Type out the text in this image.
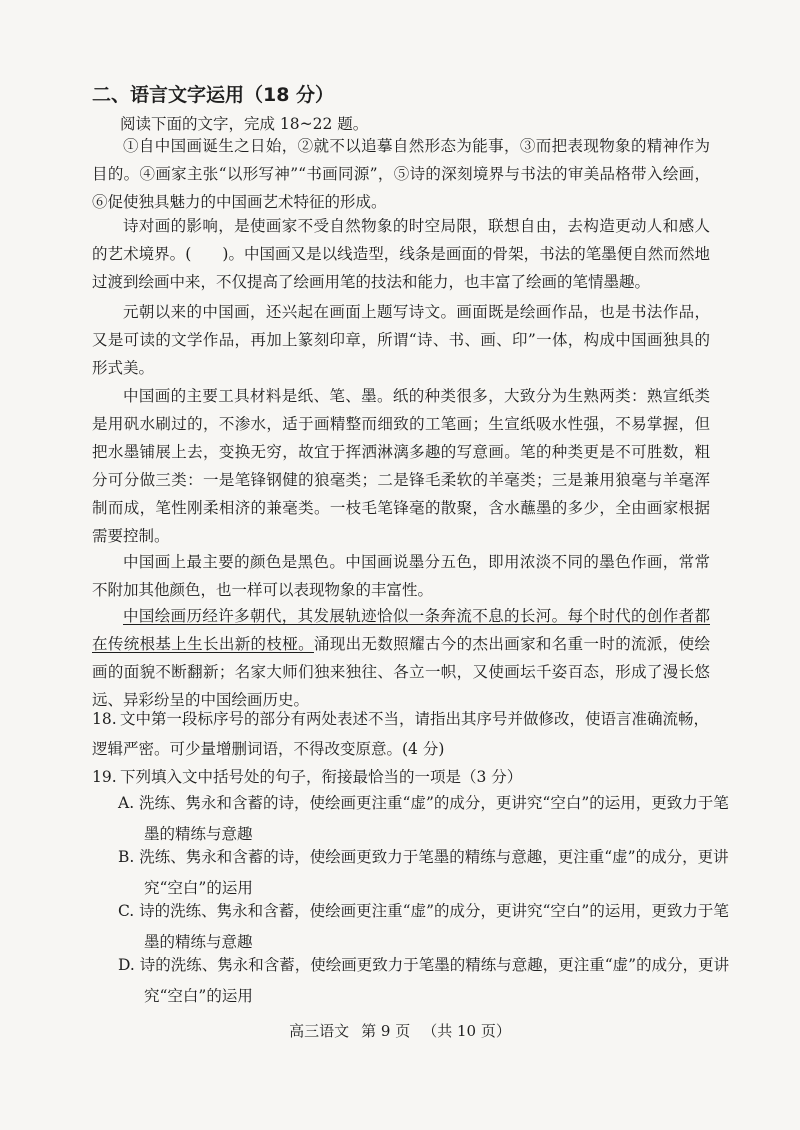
二、语言文字运用（18 分）
阅读下面的文字，完成 18~22 题。
①自中国画诞生之日始，②就不以追摹自然形态为能事，③而把表现物象的精神作为目的。④画家主张“以形写神”“书画同源”，⑤诗的深刻境界与书法的审美品格带入绘画，⑥促使独具魅力的中国画艺术特征的形成。
诗对画的影响，是使画家不受自然物象的时空局限，联想自由，去构造更动人和感人的艺术境界。(　　)。中国画又是以线造型，线条是画面的骨架，书法的笔墨便自然而然地过渡到绘画中来，不仅提高了绘画用笔的技法和能力，也丰富了绘画的笔情墨趣。
元朝以来的中国画，还兴起在画面上题写诗文。画面既是绘画作品，也是书法作品，又是可读的文学作品，再加上篆刻印章，所谓“诗、书、画、印”一体，构成中国画独具的形式美。
中国画的主要工具材料是纸、笔、墨。纸的种类很多，大致分为生熟两类：熟宣纸类是用矾水刷过的，不渗水，适于画精整而细致的工笔画；生宣纸吸水性强，不易掌握，但把水墨铺展上去，变换无穷，故宜于挥洒淋漓多趣的写意画。笔的种类更是不可胜数，粗分可分做三类：一是笔锋钢健的狼毫类；二是锋毛柔软的羊毫类；三是兼用狼毫与羊毫浑制而成，笔性刚柔相济的兼毫类。一枝毛笔锋毫的散聚，含水蘸墨的多少，全由画家根据需要控制。
中国画上最主要的颜色是黑色。中国画说墨分五色，即用浓淡不同的墨色作画，常常不附加其他颜色，也一样可以表现物象的丰富性。
中国绘画历经许多朝代，其发展轨迹恰似一条奔流不息的长河。每个时代的创作者都在传统根基上生长出新的枝桠。涌现出无数照耀古今的杰出画家和名重一时的流派，使绘画的面貌不断翻新；名家大师们独来独往、各立一帜，又使画坛千姿百态，形成了漫长悠远、异彩纷呈的中国绘画历史。
18. 文中第一段标序号的部分有两处表述不当，请指出其序号并做修改，使语言准确流畅，逻辑严密。可少量增删词语，不得改变原意。(4 分)
19. 下列填入文中括号处的句子，衔接最恰当的一项是（3 分）
A. 洗练、隽永和含蓄的诗，使绘画更注重“虚”的成分，更讲究“空白”的运用，更致力于笔墨的精练与意趣
B. 洗练、隽永和含蓄的诗，使绘画更致力于笔墨的精练与意趣，更注重“虚”的成分，更讲究“空白”的运用
C. 诗的洗练、隽永和含蓄，使绘画更注重“虚”的成分，更讲究“空白”的运用，更致力于笔墨的精练与意趣
D. 诗的洗练、隽永和含蓄，使绘画更致力于笔墨的精练与意趣，更注重“虚”的成分，更讲究“空白”的运用
高三语文 第 9 页 （共 10 页）
